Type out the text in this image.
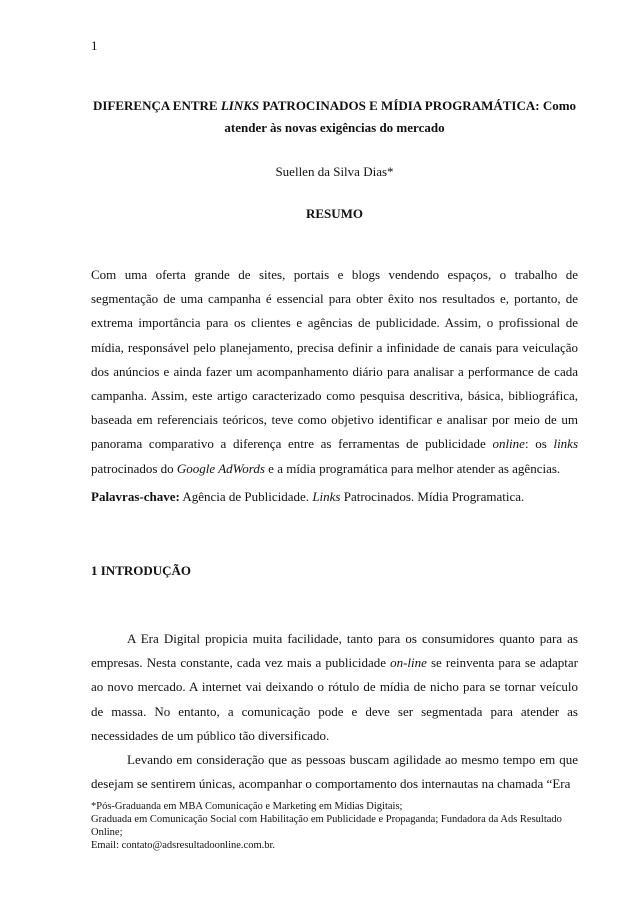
1
DIFERENÇA ENTRE LINKS PATROCINADOS E MÍDIA PROGRAMÁTICA: Como
atender às novas exigências do mercado
Suellen da Silva Dias*
RESUMO

Com uma oferta grande de sites, portais e blogs vendendo espaços, o trabalho de segmentação de uma campanha é essencial para obter êxito nos resultados e, portanto, de extrema importância para os clientes e agências de publicidade. Assim, o profissional de mídia, responsável pelo planejamento, precisa definir a infinidade de canais para veiculação dos anúncios e ainda fazer um acompanhamento diário para analisar a performance de cada campanha. Assim, este artigo caracterizado como pesquisa descritiva, básica, bibliográfica, baseada em referenciais teóricos, teve como objetivo identificar e analisar por meio de um panorama comparativo a diferença entre as ferramentas de publicidade online: os links patrocinados do Google AdWords e a mídia programática para melhor atender as agências.

Palavras-chave: Agência de Publicidade. Links Patrocinados. Mídia Programatica.

1 INTRODUÇÃO

A Era Digital propicia muita facilidade, tanto para os consumidores quanto para as empresas. Nesta constante, cada vez mais a publicidade on-line se reinventa para se adaptar ao novo mercado. A internet vai deixando o rótulo de mídia de nicho para se tornar veículo de massa. No entanto, a comunicação pode e deve ser segmentada para atender as necessidades de um público tão diversificado.

Levando em consideração que as pessoas buscam agilidade ao mesmo tempo em que desejam se sentirem únicas, acompanhar o comportamento dos internautas na chamada “Era

*Pós-Graduanda em MBA Comunicação e Marketing em Mídias Digitais;
Graduada em Comunicação Social com Habilitação em Publicidade e Propaganda; Fundadora da Ads Resultado Online;
Email: contato@adsresultadoonline.com.br.
